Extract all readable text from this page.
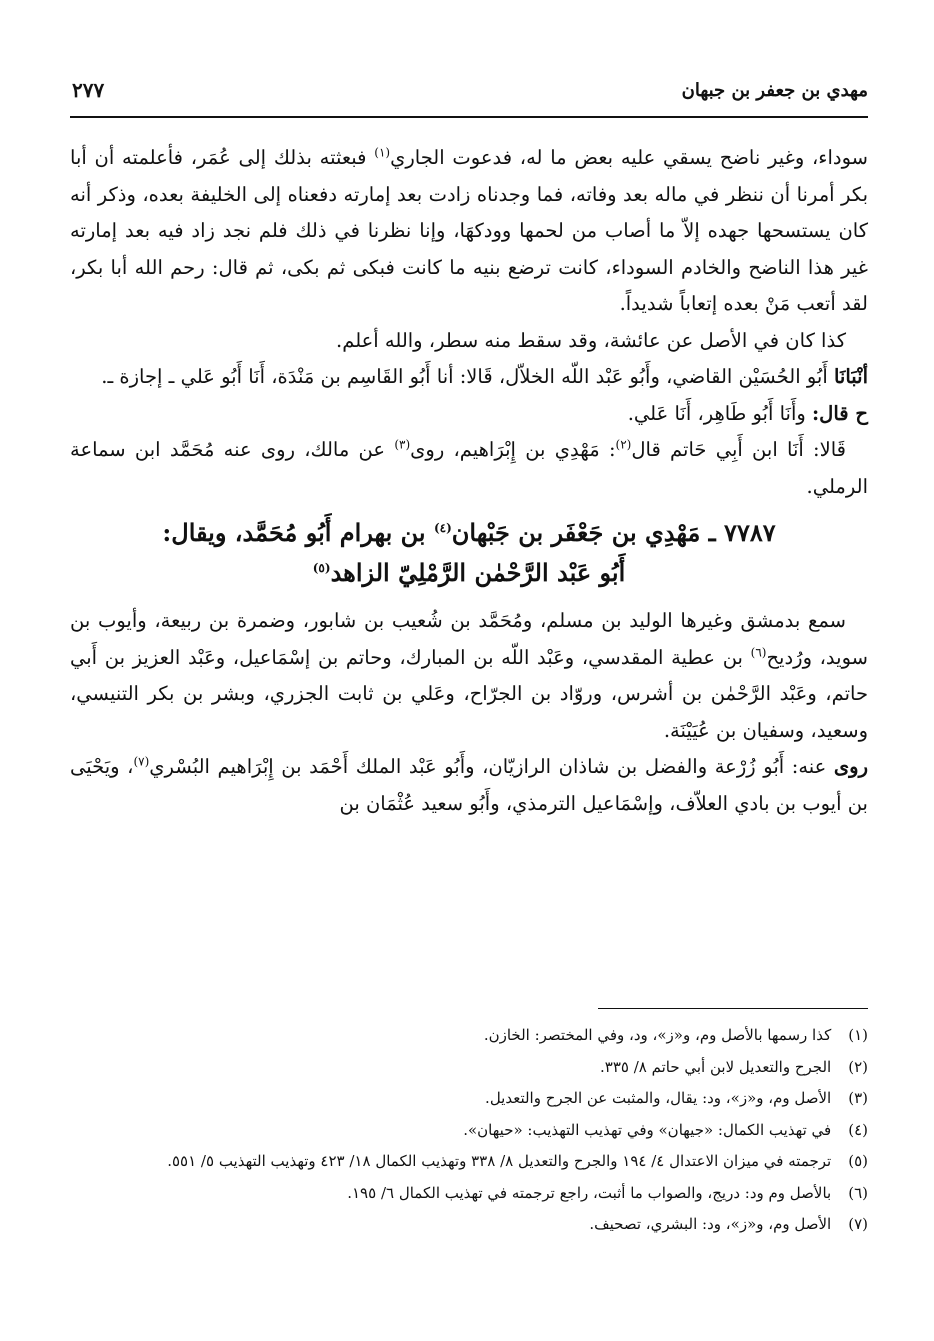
مهدي بن جعفر بن جبهان
٢٧٧

سوداء، وغير ناضح يسقي عليه بعض ما له، فدعوت الجاري$^{(١)}$ فبعثته بذلك إلى عُمَر، فأعلمته أن أبا بكر أمرنا أن ننظر في ماله بعد وفاته، فما وجدناه زادت بعد إمارته دفعناه إلى الخليفة بعده، وذكر أنه كان يستسحها جهده إلاّ ما أصاب من لحمها وودكهَا، وإنا نظرنا في ذلك فلم نجد زاد فيه بعد إمارته غير هذا الناضح والخادم السوداء، كانت ترضع بنيه ما كانت فبكى ثم بكى، ثم قال: رحم الله أبا بكر، لقد أتعب مَنْ بعده إتعاباً شديداً.

كذا كان في الأصل عن عائشة، وقد سقط منه سطر، والله أعلم.

أنْبَانَا أَبُو الحُسَيْن القاضي، وأَبُو عَبْد اللّه الخلاّل، قَالا: أنا أَبُو القَاسِم بن مَنْدَة، أَنَا أَبُو عَلي ـ إجازة ـ.

ح قال: وأَنَا أَبُو طَاهِر، أَنَا عَلي.

قَالا: أَنَا ابن أَبِي حَاتم قال$^{(٢)}$: مَهْدِي بن إِبْرَاهيم، روى$^{(٣)}$ عن مالك، روى عنه مُحَمَّد ابن سماعة الرملي.

٧٧٨٧ ـ مَهْدِي بن جَعْفَر بن جَبْهان$^{(٤)}$ بن بهرام أَبُو مُحَمَّد، ويقال:
أَبُو عَبْد الرَّحْمٰن الرَّمْلِيّ الزاهد$^{(٥)}$

سمع بدمشق وغيرها الوليد بن مسلم، ومُحَمَّد بن شُعيب بن شابور، وضمرة بن ربيعة، وأيوب بن سويد، ورُديح$^{(٦)}$ بن عطية المقدسي، وعَبْد اللّه بن المبارك، وحاتم بن إسْمَاعيل، وعَبْد العزيز بن أَبي حاتم، وعَبْد الرَّحْمٰن بن أشرس، وروّاد بن الجرّاح، وعَلي بن ثابت الجزري، وبشر بن بكر التنيسي، وسعيد، وسفيان بن عُيَيْنَة.

روى عنه: أَبُو زُرْعة والفضل بن شاذان الرازيّان، وأَبُو عَبْد الملك أَحْمَد بن إِبْرَاهيم البُسْري$^{(٧)}$، ويَحْيَى بن أيوب بن بادي العلاّف، وإسْمَاعيل الترمذي، وأَبُو سعيد عُثْمَان بن

(١) كذا رسمها بالأصل وم، و«ز»، ود، وفي المختصر: الخازن.

(٢) الجرح والتعديل لابن أبي حاتم ٨/ ٣٣٥.

(٣) الأصل وم، و«ز»، ود: يقال، والمثبت عن الجرح والتعديل.

(٤) في تهذيب الكمال: «جيهان» وفي تهذيب التهذيب: «حيهان».

(٥) ترجمته في ميزان الاعتدال ٤/ ١٩٤ والجرح والتعديل ٨/ ٣٣٨ وتهذيب الكمال ١٨/ ٤٢٣ وتهذيب التهذيب ٥/ ٥٥١.

(٦) بالأصل وم ود: دريج، والصواب ما أثبت، راجع ترجمته في تهذيب الكمال ٦/ ١٩٥.

(٧) الأصل وم، و«ز»، ود: البشري، تصحيف.
